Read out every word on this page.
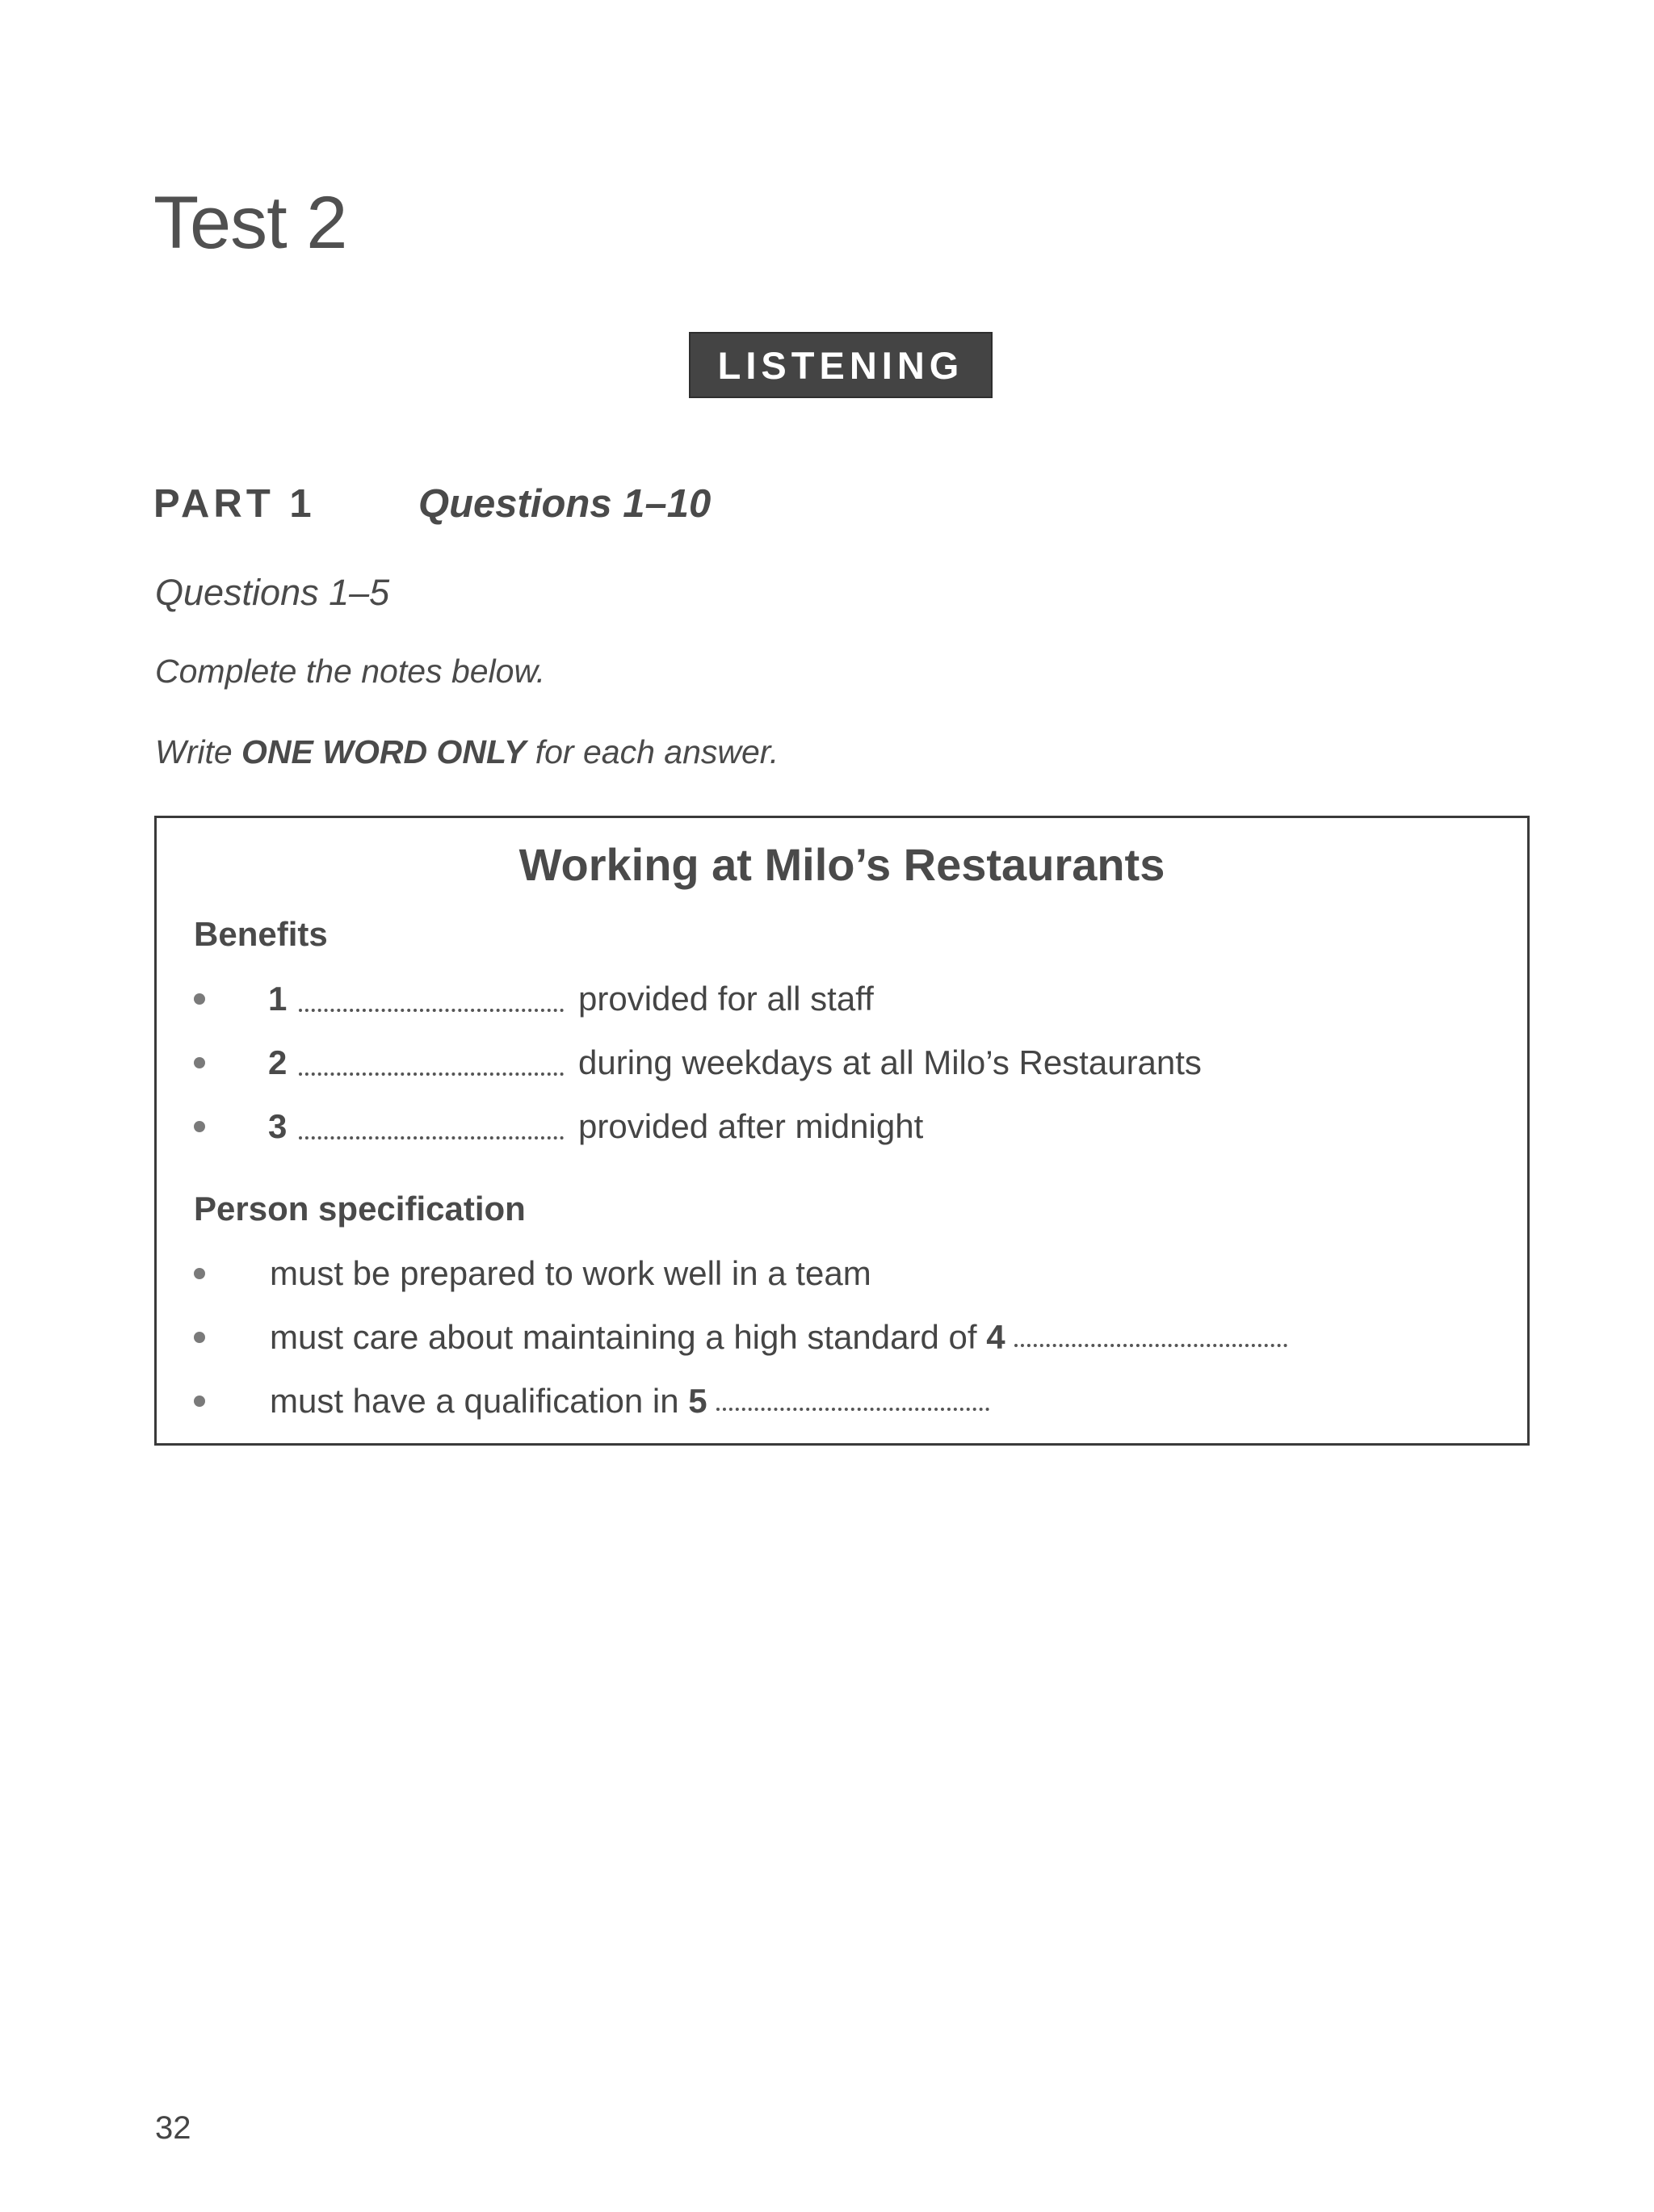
Test 2
LISTENING
PART 1	Questions 1–10
Questions 1–5
Complete the notes below.
Write ONE WORD ONLY for each answer.
Working at Milo’s Restaurants
Benefits
1	provided for all staff
2	during weekdays at all Milo’s Restaurants
3	provided after midnight
Person specification
must be prepared to work well in a team
must care about maintaining a high standard of 4
must have a qualification in 5
32
